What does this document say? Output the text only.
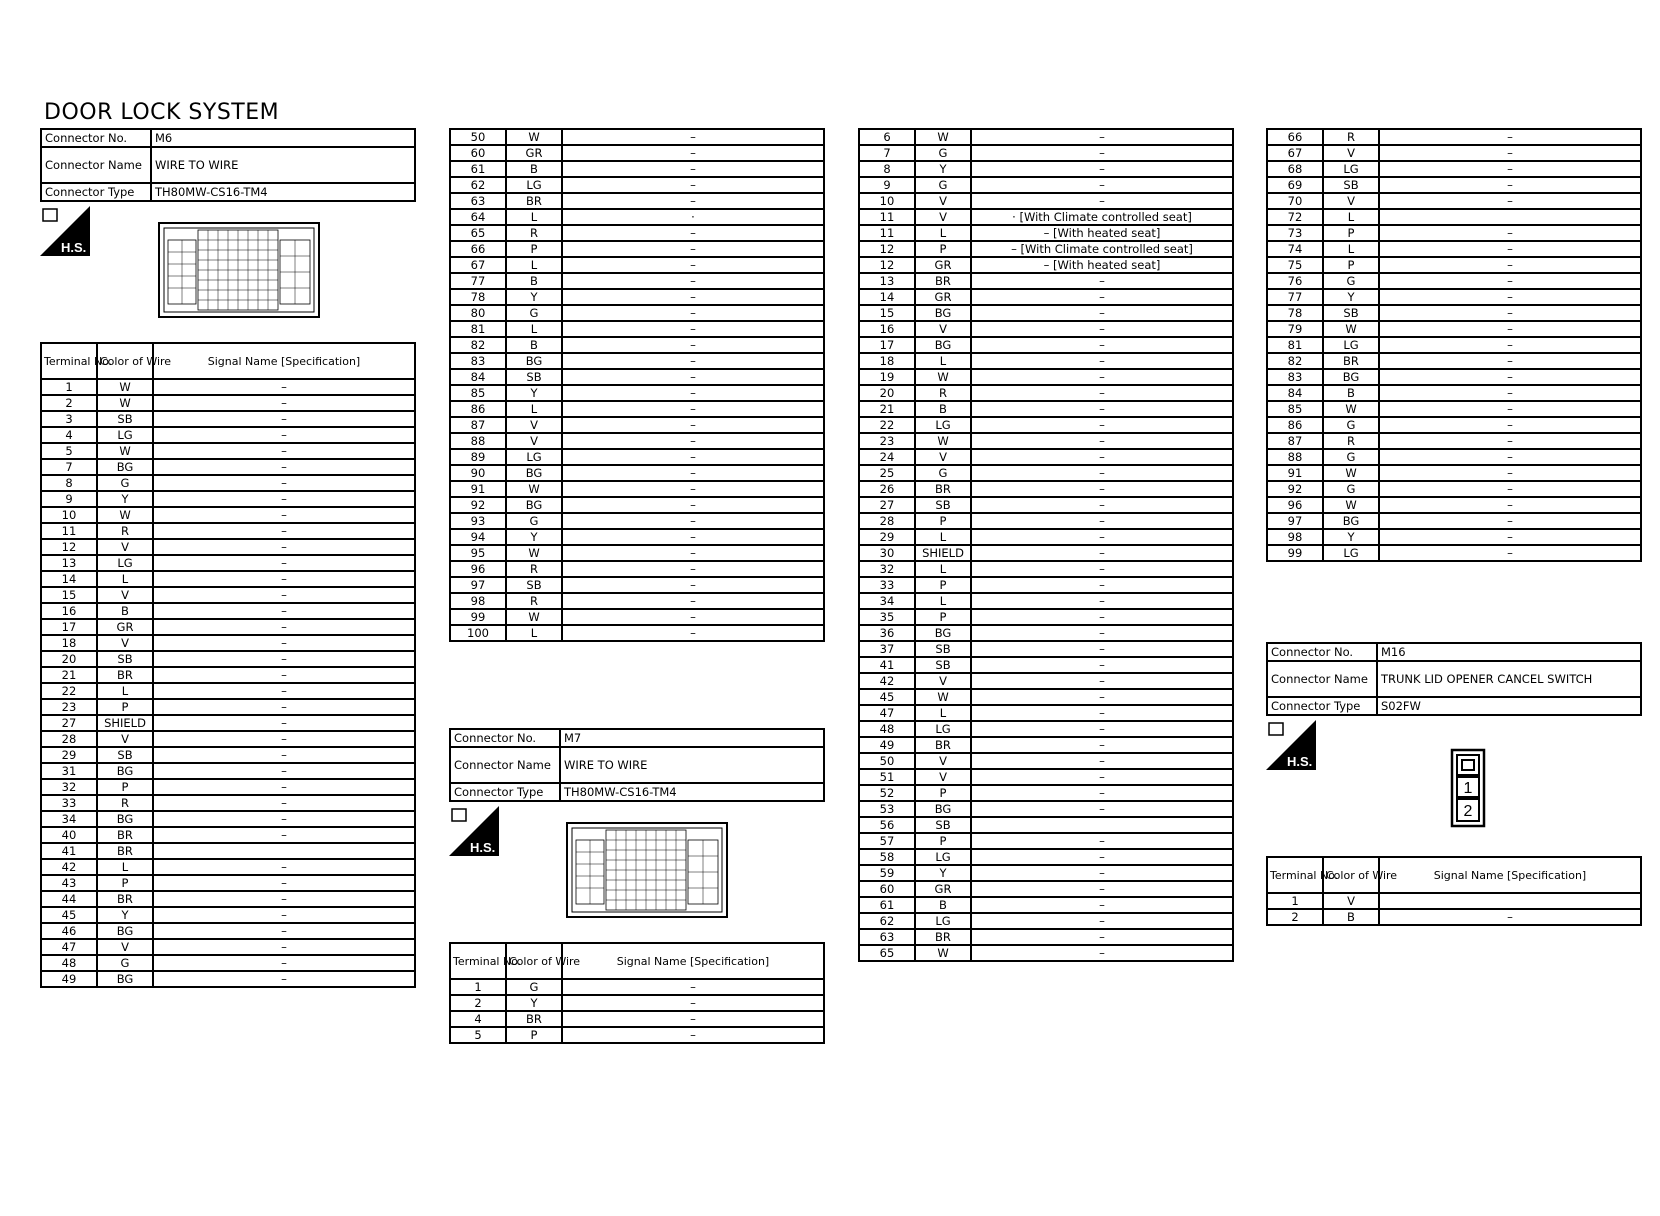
DOOR LOCK SYSTEM
Connector No.	M6
Connector Name	WIRE TO WIRE
Connector Type	TH80MW-CS16-TM4
H.S.
Terminal No.	Color of Wire	Signal Name [Specification]
1	W	–
2	W	–
3	SB	–
4	LG	–
5	W	–
7	BG	–
8	G	–
9	Y	–
10	W	–
11	R	–
12	V	–
13	LG	–
14	L	–
15	V	–
16	B	–
17	GR	–
18	V	–
20	SB	–
21	BR	–
22	L	–
23	P	–
27	SHIELD	–
28	V	–
29	SB	–
31	BG	–
32	P	–
33	R	–
34	BG	–
40	BR	–
41	BR	
42	L	–
43	P	–
44	BR	–
45	Y	–
46	BG	–
47	V	–
48	G	–
49	BG	–
50	W	–
60	GR	–
61	B	–
62	LG	–
63	BR	–
64	L	·
65	R	–
66	P	–
67	L	–
77	B	–
78	Y	–
80	G	–
81	L	–
82	B	–
83	BG	–
84	SB	–
85	Y	–
86	L	–
87	V	–
88	V	–
89	LG	–
90	BG	–
91	W	–
92	BG	–
93	G	–
94	Y	–
95	W	–
96	R	–
97	SB	–
98	R	–
99	W	–
100	L	–
Connector No.	M7
Connector Name	WIRE TO WIRE
Connector Type	TH80MW-CS16-TM4
H.S.
Terminal No.	Color of Wire	Signal Name [Specification]
1	G	–
2	Y	–
4	BR	–
5	P	–
6	W	–
7	G	–
8	Y	–
9	G	–
10	V	–
11	V	· [With Climate controlled seat]
11	L	– [With heated seat]
12	P	– [With Climate controlled seat]
12	GR	– [With heated seat]
13	BR	–
14	GR	–
15	BG	–
16	V	–
17	BG	–
18	L	–
19	W	–
20	R	–
21	B	–
22	LG	–
23	W	–
24	V	–
25	G	–
26	BR	–
27	SB	–
28	P	–
29	L	–
30	SHIELD	–
32	L	–
33	P	–
34	L	–
35	P	–
36	BG	–
37	SB	–
41	SB	–
42	V	–
45	W	–
47	L	–
48	LG	–
49	BR	–
50	V	–
51	V	–
52	P	–
53	BG	–
56	SB	
57	P	–
58	LG	–
59	Y	–
60	GR	–
61	B	–
62	LG	–
63	BR	–
65	W	–
66	R	–
67	V	–
68	LG	–
69	SB	–
70	V	–
72	L	
73	P	–
74	L	–
75	P	–
76	G	–
77	Y	–
78	SB	–
79	W	–
81	LG	–
82	BR	–
83	BG	–
84	B	–
85	W	–
86	G	–
87	R	–
88	G	–
91	W	–
92	G	–
96	W	–
97	BG	–
98	Y	–
99	LG	–
Connector No.	M16
Connector Name	TRUNK LID OPENER CANCEL SWITCH
Connector Type	S02FW
H.S.
1
2
Terminal No.	Color of Wire	Signal Name [Specification]
1	V	
2	B	–
